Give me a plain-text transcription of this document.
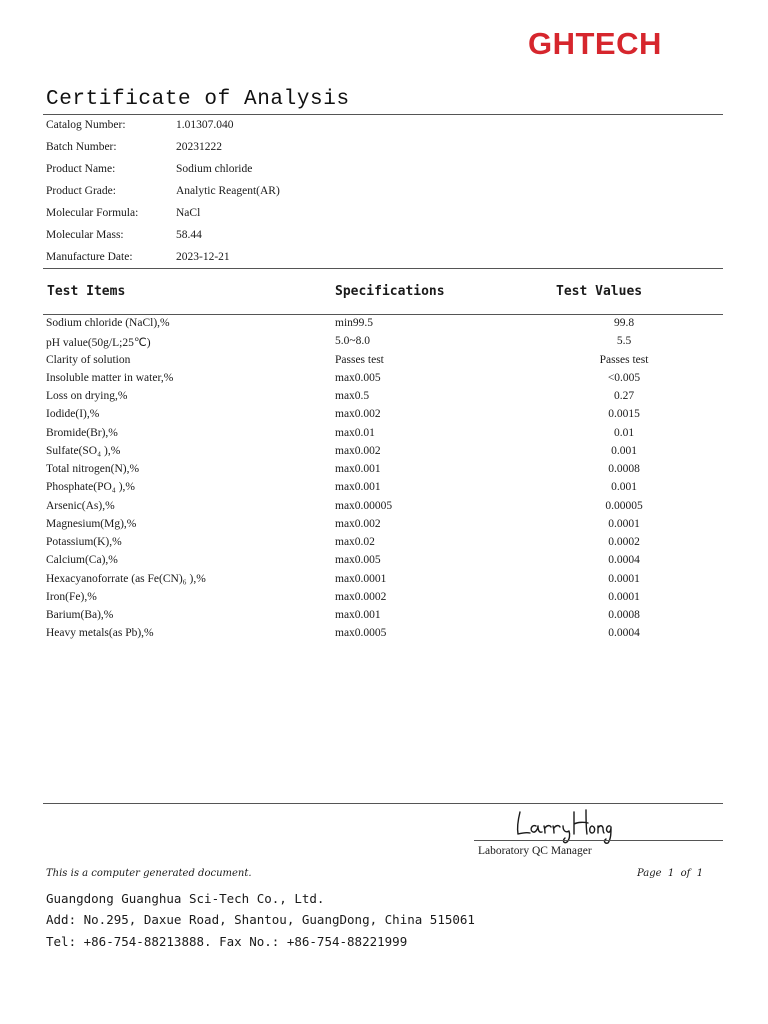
GHTECH
Certificate of Analysis
Catalog Number:	1.01307.040
Batch Number:	20231222
Product Name:	Sodium chloride
Product Grade:	Analytic Reagent(AR)
Molecular Formula:	NaCl
Molecular Mass:	58.44
Manufacture Date:	2023-12-21
Test Items	Specifications	Test Values
Sodium chloride (NaCl),%	min99.5	99.8
pH value(50g/L;25℃)	5.0~8.0	5.5
Clarity of solution	Passes test	Passes test
Insoluble matter in water,%	max0.005	<0.005
Loss on drying,%	max0.5	0.27
Iodide(I),%	max0.002	0.0015
Bromide(Br),%	max0.01	0.01
Sulfate(SO₄ ),%	max0.002	0.001
Total nitrogen(N),%	max0.001	0.0008
Phosphate(PO₄ ),%	max0.001	0.001
Arsenic(As),%	max0.00005	0.00005
Magnesium(Mg),%	max0.002	0.0001
Potassium(K),%	max0.02	0.0002
Calcium(Ca),%	max0.005	0.0004
Hexacyanoforrate (as Fe(CN)₆ ),%	max0.0001	0.0001
Iron(Fe),%	max0.0002	0.0001
Barium(Ba),%	max0.001	0.0008
Heavy metals(as Pb),%	max0.0005	0.0004
Laboratory QC Manager
This is a computer generated document.	Page  1  of  1
Guangdong Guanghua Sci-Tech Co., Ltd.
Add: No.295, Daxue Road, Shantou, GuangDong, China 515061
Tel: +86-754-88213888. Fax No.: +86-754-88221999
